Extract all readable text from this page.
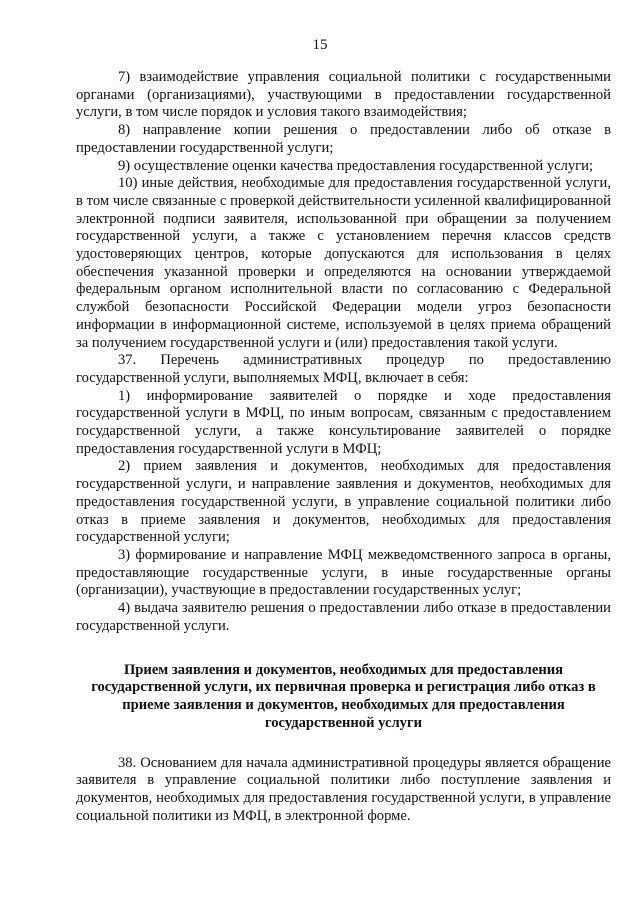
15

7) взаимодействие управления социальной политики с государственными органами (организациями), участвующими в предоставлении государственной услуги, в том числе порядок и условия такого взаимодействия;

8) направление копии решения о предоставлении либо об отказе в предоставлении государственной услуги;

9) осуществление оценки качества предоставления государственной услуги;

10) иные действия, необходимые для предоставления государственной услуги, в том числе связанные с проверкой действительности усиленной квалифицированной электронной подписи заявителя, использованной при обращении за получением государственной услуги, а также с установлением перечня классов средств удостоверяющих центров, которые допускаются для использования в целях обеспечения указанной проверки и определяются на основании утверждаемой федеральным органом исполнительной власти по согласованию с Федеральной службой безопасности Российской Федерации модели угроз безопасности информации в информационной системе, используемой в целях приема обращений за получением государственной услуги и (или) предоставления такой услуги.

37. Перечень административных процедур по предоставлению государственной услуги, выполняемых МФЦ, включает в себя:

1) информирование заявителей о порядке и ходе предоставления государственной услуги в МФЦ, по иным вопросам, связанным с предоставлением государственной услуги, а также консультирование заявителей о порядке предоставления государственной услуги в МФЦ;

2) прием заявления и документов, необходимых для предоставления государственной услуги, и направление заявления и документов, необходимых для предоставления государственной услуги, в управление социальной политики либо отказ в приеме заявления и документов, необходимых для предоставления государственной услуги;

3) формирование и направление МФЦ межведомственного запроса в органы, предоставляющие государственные услуги, в иные государственные органы (организации), участвующие в предоставлении государственных услуг;

4) выдача заявителю решения о предоставлении либо отказе в предоставлении государственной услуги.

Прием заявления и документов, необходимых для предоставления государственной услуги, их первичная проверка и регистрация либо отказ в приеме заявления и документов, необходимых для предоставления государственной услуги

38. Основанием для начала административной процедуры является обращение заявителя в управление социальной политики либо поступление заявления и документов, необходимых для предоставления государственной услуги, в управление социальной политики из МФЦ, в электронной форме.
